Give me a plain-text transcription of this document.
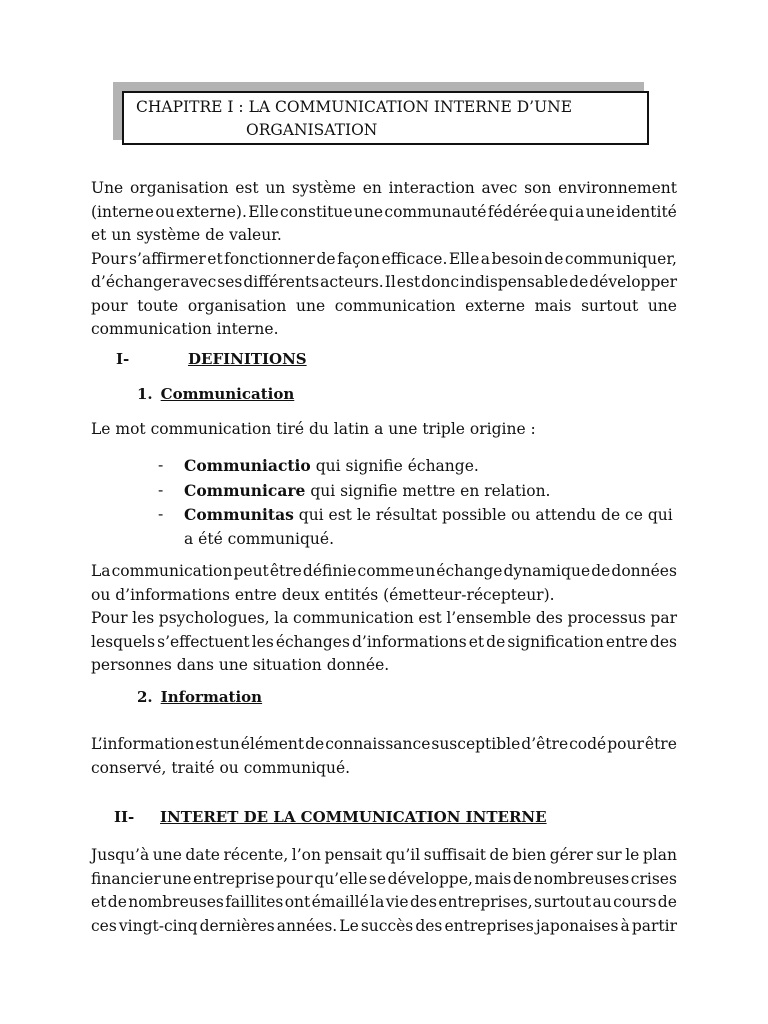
CHAPITRE I : LA COMMUNICATION INTERNE D’UNE
ORGANISATION
Une organisation est un système en interaction avec son environnement
(interne ou externe). Elle constitue une communauté fédérée qui a une identité
et un système de valeur.
Pour s’affirmer et fonctionner de façon efficace. Elle a besoin de communiquer,
d’échanger avec ses différents acteurs. Il est donc indispensable de développer
pour toute organisation une communication externe mais surtout une
communication interne.
I-	DEFINITIONS
1. Communication
Le mot communication tiré du latin a une triple origine :
- Communiactio qui signifie échange.
- Communicare qui signifie mettre en relation.
- Communitas qui est le résultat possible ou attendu de ce qui a été communiqué.
La communication peut être définie comme un échange dynamique de données
ou d’informations entre deux entités (émetteur-récepteur).
Pour les psychologues, la communication est l’ensemble des processus par
lesquels s’effectuent les échanges d’informations et de signification entre des
personnes dans une situation donnée.
2. Information
L’information est un élément de connaissance susceptible d’être codé pour être
conservé, traité ou communiqué.
II- INTERET DE LA COMMUNICATION INTERNE
Jusqu’à une date récente, l’on pensait qu’il suffisait de bien gérer sur le plan
financier une entreprise pour qu’elle se développe, mais de nombreuses crises
et de nombreuses faillites ont émaillé la vie des entreprises, surtout au cours de
ces vingt-cinq dernières années. Le succès des entreprises japonaises à partir
